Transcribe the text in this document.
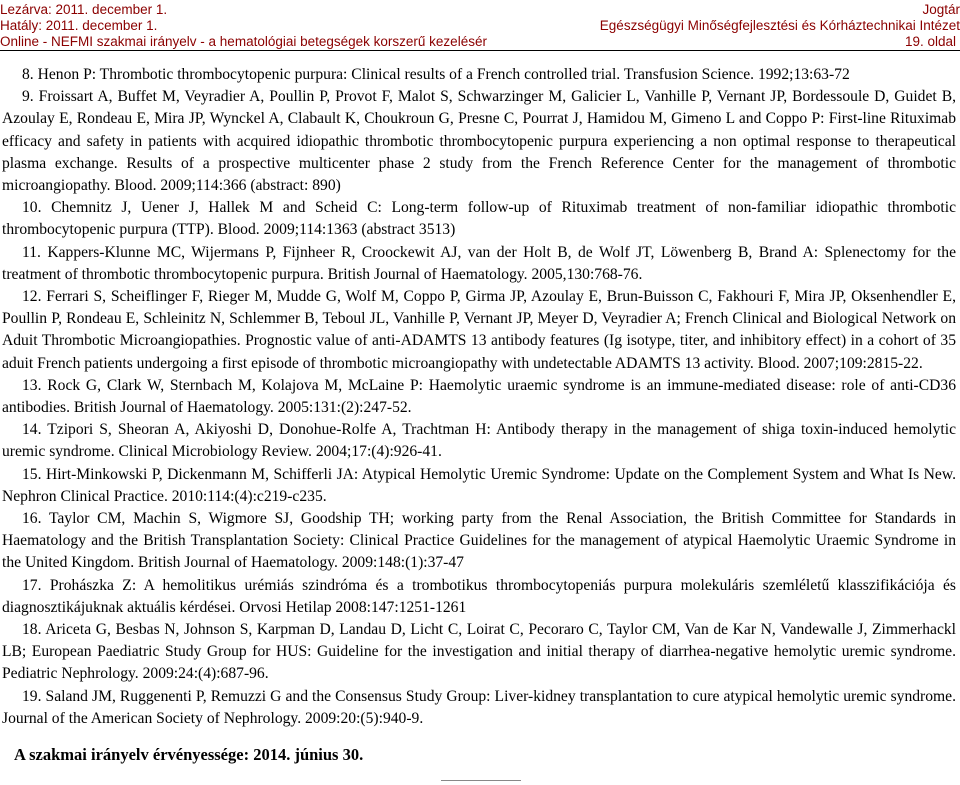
Lezárva: 2011. december 1.	Jogtár
Hatály: 2011. december 1.	Egészségügyi Minőségfejlesztési és Kórháztechnikai Intézet
Online - NEFMI szakmai irányelv - a hematológiai betegségek korszerű kezelésér	19. oldal

8. Henon P: Thrombotic thrombocytopenic purpura: Clinical results of a French controlled trial. Transfusion Science. 1992;13:63-72

9. Froissart A, Buffet M, Veyradier A, Poullin P, Provot F, Malot S, Schwarzinger M, Galicier L, Vanhille P, Vernant JP, Bordessoule D, Guidet B, Azoulay E, Rondeau E, Mira JP, Wynckel A, Clabault K, Choukroun G, Presne C, Pourrat J, Hamidou M, Gimeno L and Coppo P: First-line Rituximab efficacy and safety in patients with acquired idiopathic thrombotic thrombocytopenic purpura experiencing a non optimal response to therapeutical plasma exchange. Results of a prospective multicenter phase 2 study from the French Reference Center for the management of thrombotic microangiopathy. Blood. 2009;114:366 (abstract: 890)

10. Chemnitz J, Uener J, Hallek M and Scheid C: Long-term follow-up of Rituximab treatment of non-familiar idiopathic thrombotic thrombocytopenic purpura (TTP). Blood. 2009;114:1363 (abstract 3513)

11. Kappers-Klunne MC, Wijermans P, Fijnheer R, Croockewit AJ, van der Holt B, de Wolf JT, Löwenberg B, Brand A: Splenectomy for the treatment of thrombotic thrombocytopenic purpura. British Journal of Haematology. 2005,130:768-76.

12. Ferrari S, Scheiflinger F, Rieger M, Mudde G, Wolf M, Coppo P, Girma JP, Azoulay E, Brun-Buisson C, Fakhouri F, Mira JP, Oksenhendler E, Poullin P, Rondeau E, Schleinitz N, Schlemmer B, Teboul JL, Vanhille P, Vernant JP, Meyer D, Veyradier A; French Clinical and Biological Network on Aduit Thrombotic Microangiopathies. Prognostic value of anti-ADAMTS 13 antibody features (Ig isotype, titer, and inhibitory effect) in a cohort of 35 aduit French patients undergoing a first episode of thrombotic microangiopathy with undetectable ADAMTS 13 activity. Blood. 2007;109:2815-22.

13. Rock G, Clark W, Sternbach M, Kolajova M, McLaine P: Haemolytic uraemic syndrome is an immune-mediated disease: role of anti-CD36 antibodies. British Journal of Haematology. 2005:131:(2):247-52.

14. Tzipori S, Sheoran A, Akiyoshi D, Donohue-Rolfe A, Trachtman H: Antibody therapy in the management of shiga toxin-induced hemolytic uremic syndrome. Clinical Microbiology Review. 2004;17:(4):926-41.

15. Hirt-Minkowski P, Dickenmann M, Schifferli JA: Atypical Hemolytic Uremic Syndrome: Update on the Complement System and What Is New. Nephron Clinical Practice. 2010:114:(4):c219-c235.

16. Taylor CM, Machin S, Wigmore SJ, Goodship TH; working party from the Renal Association, the British Committee for Standards in Haematology and the British Transplantation Society: Clinical Practice Guidelines for the management of atypical Haemolytic Uraemic Syndrome in the United Kingdom. British Journal of Haematology. 2009:148:(1):37-47

17. Prohászka Z: A hemolitikus urémiás szindróma és a trombotikus thrombocytopeniás purpura molekuláris szemléletű klasszifikációja és diagnosztikájuknak aktuális kérdései. Orvosi Hetilap 2008:147:1251-1261

18. Ariceta G, Besbas N, Johnson S, Karpman D, Landau D, Licht C, Loirat C, Pecoraro C, Taylor CM, Van de Kar N, Vandewalle J, Zimmerhackl LB; European Paediatric Study Group for HUS: Guideline for the investigation and initial therapy of diarrhea-negative hemolytic uremic syndrome. Pediatric Nephrology. 2009:24:(4):687-96.

19. Saland JM, Ruggenenti P, Remuzzi G and the Consensus Study Group: Liver-kidney transplantation to cure atypical hemolytic uremic syndrome. Journal of the American Society of Nephrology. 2009:20:(5):940-9.

A szakmai irányelv érvényessége: 2014. június 30.
